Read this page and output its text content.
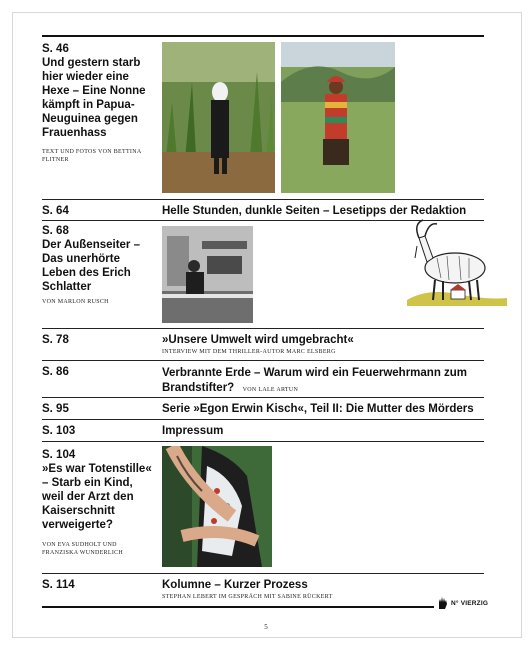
S. 46
Und gestern starb hier wieder eine Hexe – Eine Nonne kämpft in Papua-Neuguinea gegen Frauenhass
TEXT UND FOTOS VON BETTINA FLITNER
S. 64	Helle Stunden, dunkle Seiten – Lesetipps der Redaktion
S. 68
Der Außenseiter – Das unerhörte Leben des Erich Schlatter
VON MARLON RUSCH
S. 78	»Unsere Umwelt wird umgebracht«
INTERVIEW MIT DEM THRILLER-AUTOR MARC ELSBERG
S. 86	Verbrannte Erde – Warum wird ein Feuerwehrmann zum Brandstifter? VON LALE ARTUN
S. 95	Serie »Egon Erwin Kisch«, Teil II: Die Mutter des Mörders
S. 103	Impressum
S. 104
»Es war Totenstille« – Starb ein Kind, weil der Arzt den Kaiserschnitt verweigerte?
VON EVA SUDHOLT UND FRANZISKA WUNDERLICH
S. 114	Kolumne – Kurzer Prozess
STEPHAN LEBERT IM GESPRÄCH MIT SABINE RÜCKERT
N° VIERZIG
5
